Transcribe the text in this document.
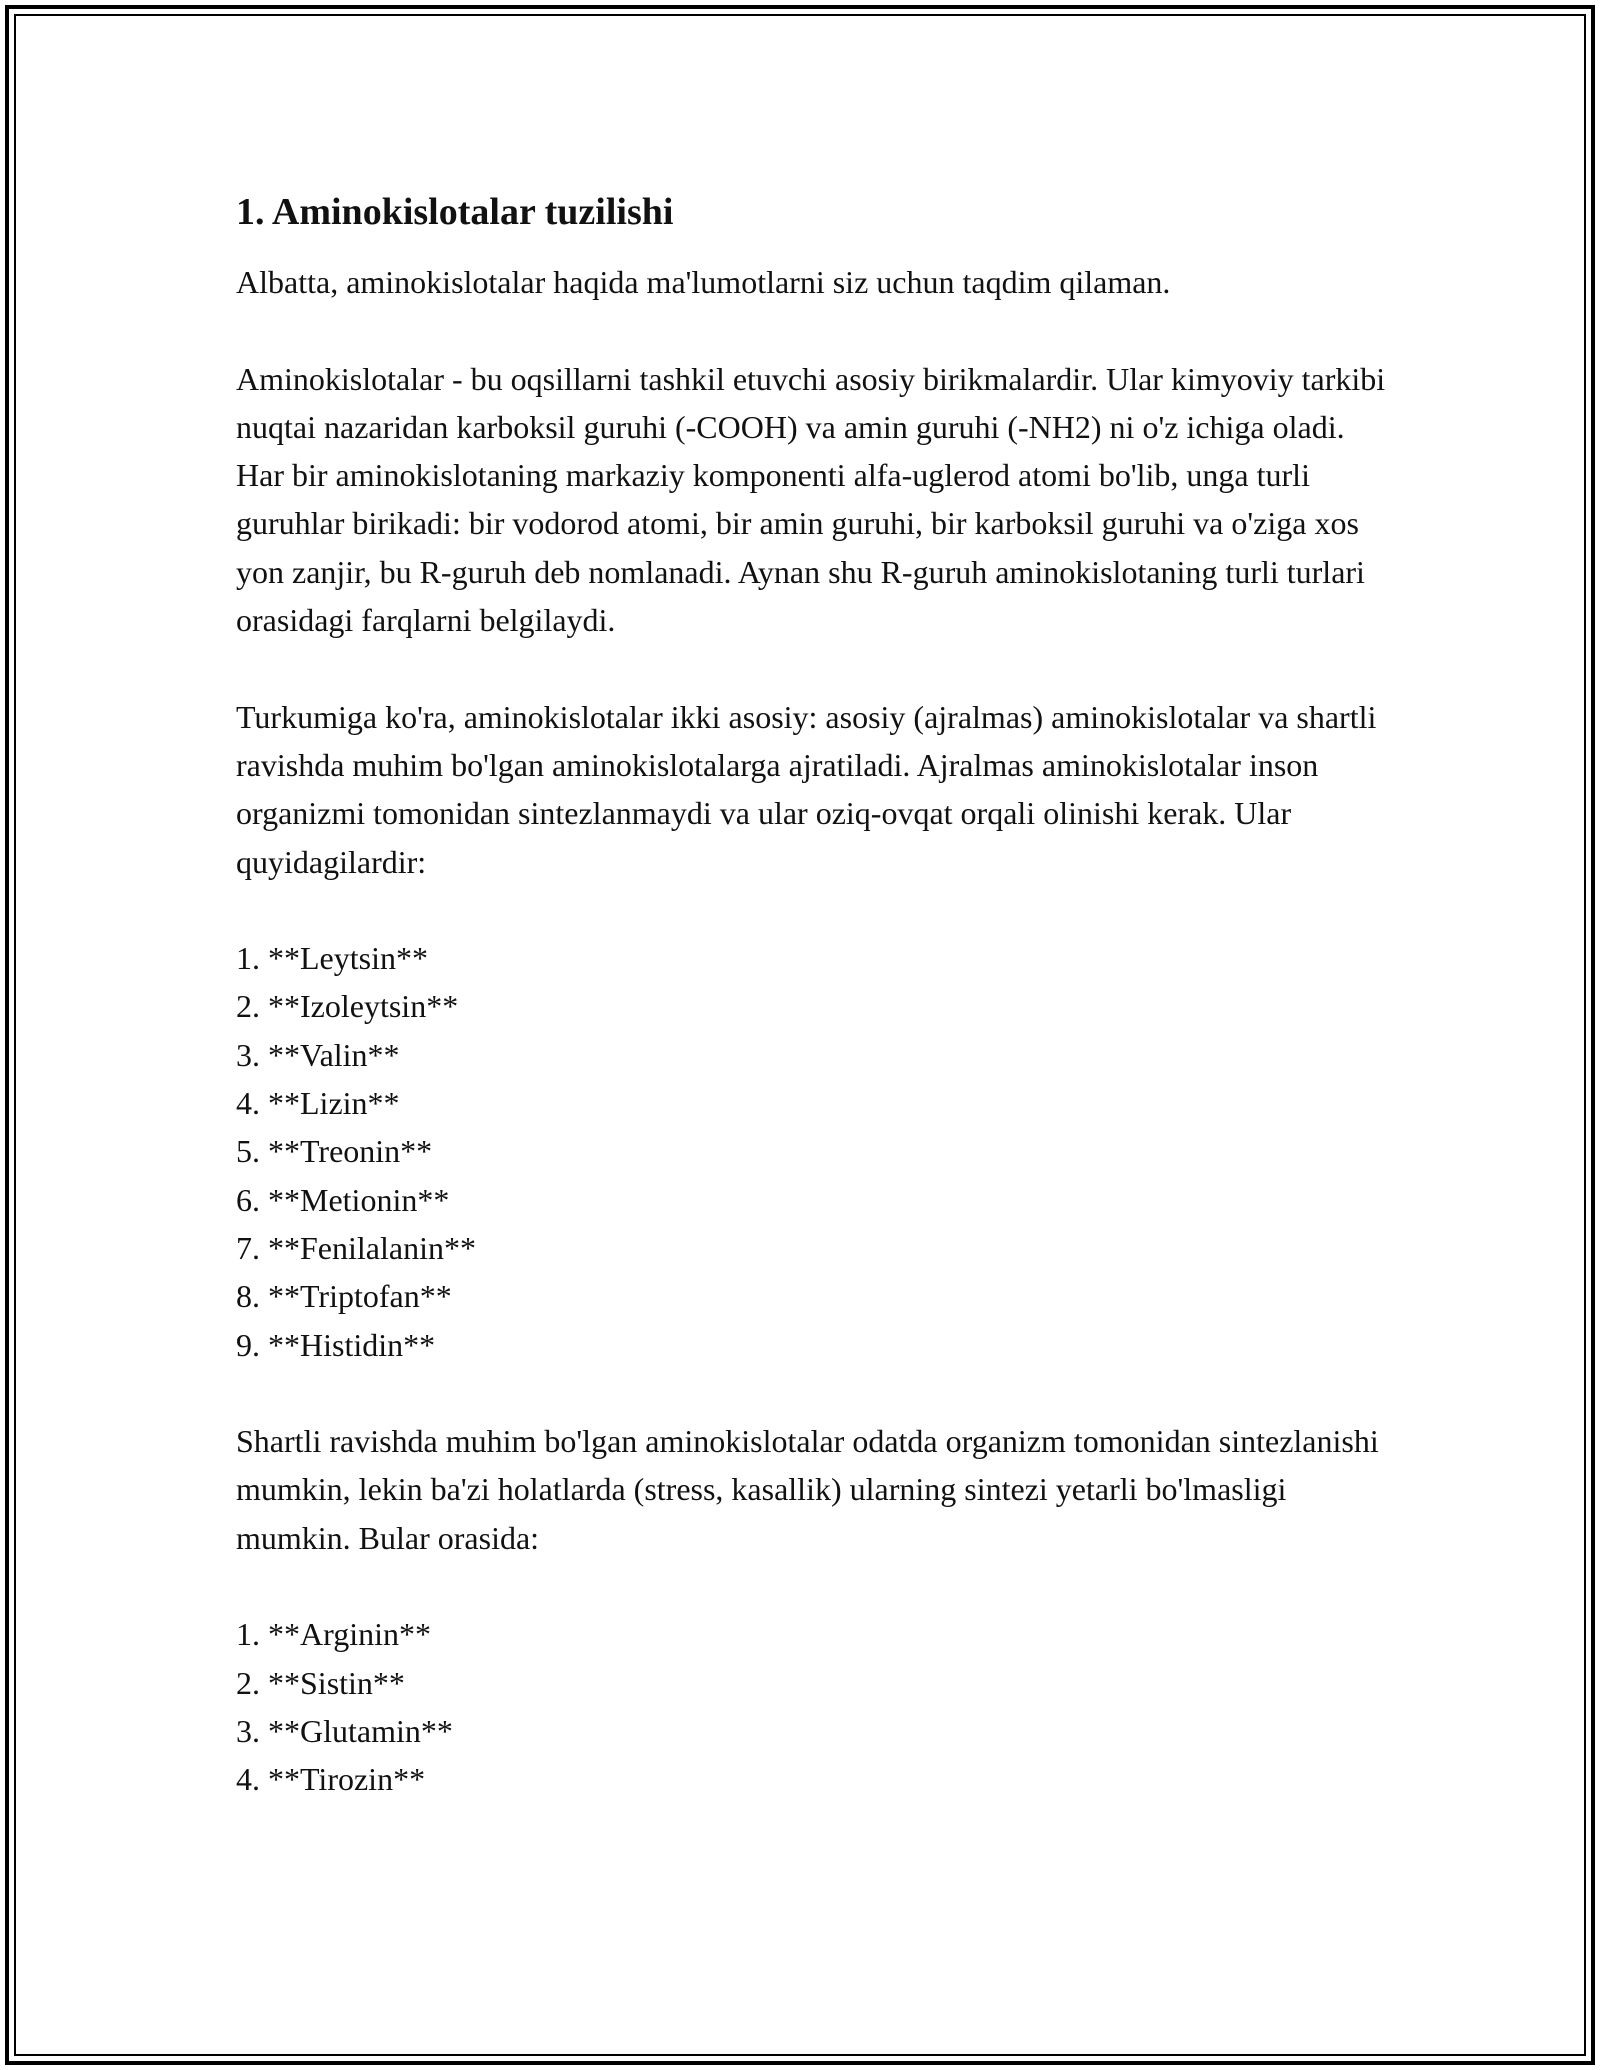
1. Aminokislotalar tuzilishi

Albatta, aminokislotalar haqida ma'lumotlarni siz uchun taqdim qilaman.

Aminokislotalar - bu oqsillarni tashkil etuvchi asosiy birikmalardir. Ular kimyoviy tarkibi nuqtai nazaridan karboksil guruhi (-COOH) va amin guruhi (-NH2) ni o'z ichiga oladi. Har bir aminokislotaning markaziy komponenti alfa-uglerod atomi bo'lib, unga turli guruhlar birikadi: bir vodorod atomi, bir amin guruhi, bir karboksil guruhi va o'ziga xos yon zanjir, bu R-guruh deb nomlanadi. Aynan shu R-guruh aminokislotaning turli turlari orasidagi farqlarni belgilaydi.

Turkumiga ko'ra, aminokislotalar ikki asosiy: asosiy (ajralmas) aminokislotalar va shartli ravishda muhim bo'lgan aminokislotalarga ajratiladi. Ajralmas aminokislotalar inson organizmi tomonidan sintezlanmaydi va ular oziq-ovqat orqali olinishi kerak. Ular quyidagilardir:

1. **Leytsin**
2. **Izoleytsin**
3. **Valin**
4. **Lizin**
5. **Treonin**
6. **Metionin**
7. **Fenilalanin**
8. **Triptofan**
9. **Histidin**

Shartli ravishda muhim bo'lgan aminokislotalar odatda organizm tomonidan sintezlanishi mumkin, lekin ba'zi holatlarda (stress, kasallik) ularning sintezi yetarli bo'lmasligi mumkin. Bular orasida:

1. **Arginin**
2. **Sistin**
3. **Glutamin**
4. **Tirozin**
